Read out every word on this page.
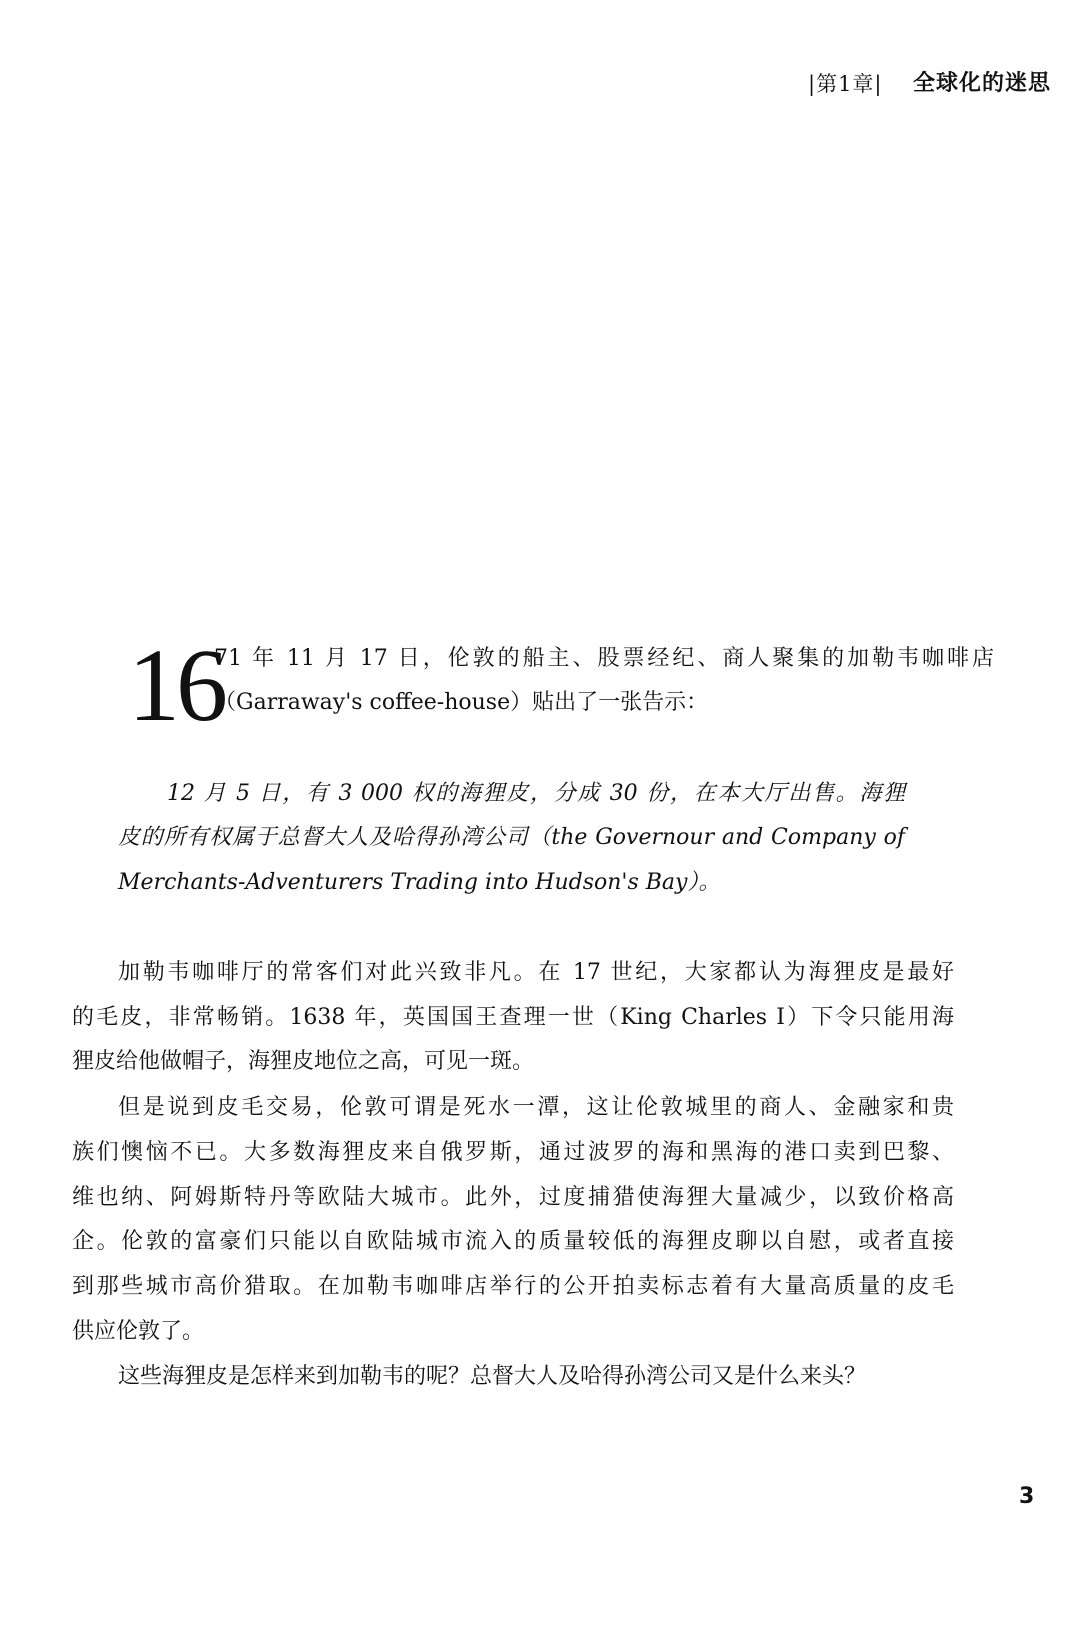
|第1章| 全球化的迷思
16
71 年 11 月 17 日，伦敦的船主、股票经纪、商人聚集的加勒韦咖啡店
（Garraway's coffee-house）贴出了一张告示：
12 月 5 日，有 3 000 权的海狸皮，分成 30 份，在本大厅出售。海狸
皮的所有权属于总督大人及哈得孙湾公司（the Governour and Company of
Merchants-Adventurers Trading into Hudson's Bay）。
加勒韦咖啡厅的常客们对此兴致非凡。在 17 世纪，大家都认为海狸皮是最好
的毛皮，非常畅销。1638 年，英国国王查理一世（King Charles I）下令只能用海
狸皮给他做帽子，海狸皮地位之高，可见一斑。
但是说到皮毛交易，伦敦可谓是死水一潭，这让伦敦城里的商人、金融家和贵
族们懊恼不已。大多数海狸皮来自俄罗斯，通过波罗的海和黑海的港口卖到巴黎、
维也纳、阿姆斯特丹等欧陆大城市。此外，过度捕猎使海狸大量减少，以致价格高
企。伦敦的富豪们只能以自欧陆城市流入的质量较低的海狸皮聊以自慰，或者直接
到那些城市高价猎取。在加勒韦咖啡店举行的公开拍卖标志着有大量高质量的皮毛
供应伦敦了。
这些海狸皮是怎样来到加勒韦的呢？总督大人及哈得孙湾公司又是什么来头？
3
